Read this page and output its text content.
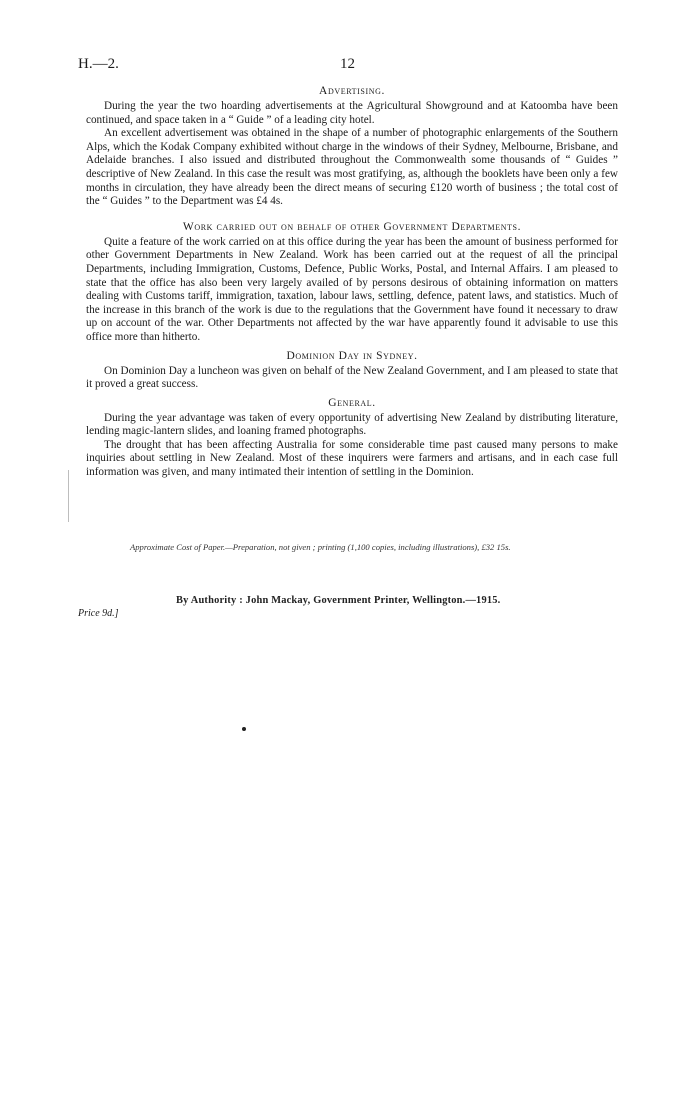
H.—2.	12

Advertising.

During the year the two hoarding advertisements at the Agricultural Showground and at Katoomba have been continued, and space taken in a “ Guide ” of a leading city hotel.

An excellent advertisement was obtained in the shape of a number of photographic enlargements of the Southern Alps, which the Kodak Company exhibited without charge in the windows of their Sydney, Melbourne, Brisbane, and Adelaide branches. I also issued and distributed throughout the Commonwealth some thousands of “ Guides ” descriptive of New Zealand. In this case the result was most gratifying, as, although the booklets have been only a few months in circulation, they have already been the direct means of securing £120 worth of business ; the total cost of the “ Guides ” to the Department was £4 4s.

Work carried out on behalf of other Government Departments.

Quite a feature of the work carried on at this office during the year has been the amount of business performed for other Government Departments in New Zealand. Work has been carried out at the request of all the principal Departments, including Immigration, Customs, Defence, Public Works, Postal, and Internal Affairs. I am pleased to state that the office has also been very largely availed of by persons desirous of obtaining information on matters dealing with Customs tariff, immigration, taxation, labour laws, settling, defence, patent laws, and statistics. Much of the increase in this branch of the work is due to the regulations that the Government have found it necessary to draw up on account of the war. Other Departments not affected by the war have apparently found it advisable to use this office more than hitherto.

Dominion Day in Sydney.

On Dominion Day a luncheon was given on behalf of the New Zealand Government, and I am pleased to state that it proved a great success.

General.

During the year advantage was taken of every opportunity of advertising New Zealand by distributing literature, lending magic-lantern slides, and loaning framed photographs.

The drought that has been affecting Australia for some considerable time past caused many persons to make inquiries about settling in New Zealand. Most of these inquirers were farmers and artisans, and in each case full information was given, and many intimated their intention of settling in the Dominion.

Approximate Cost of Paper.—Preparation, not given ; printing (1,100 copies, including illustrations), £32 15s.
By Authority : John Mackay, Government Printer, Wellington.—1915.
Price 9d.]
